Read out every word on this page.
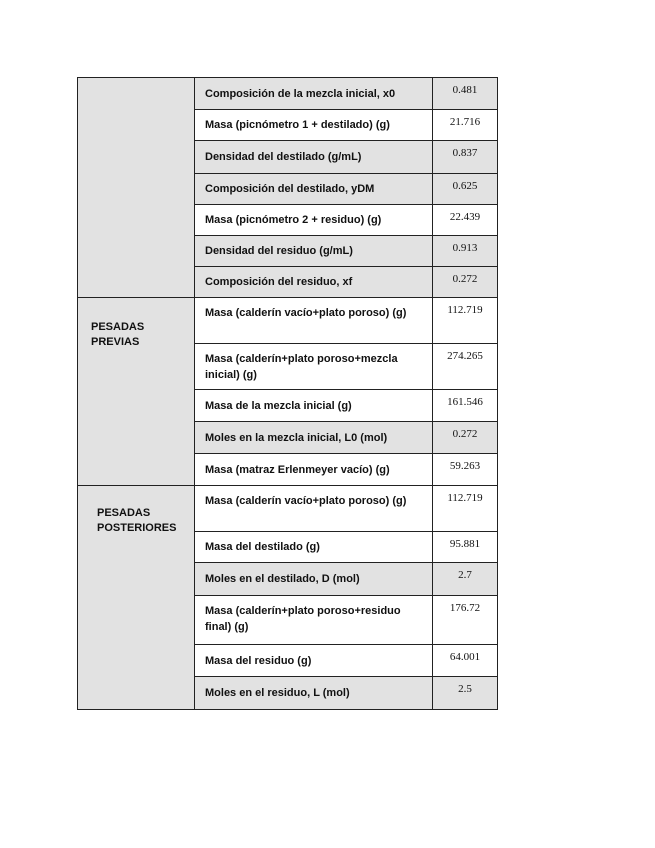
	Composición de la mezcla inicial, x0	0.481
	Masa (picnómetro 1 + destilado) (g)	21.716
	Densidad del destilado (g/mL)	0.837
	Composición del destilado, yDM	0.625
	Masa (picnómetro 2 + residuo) (g)	22.439
	Densidad del residuo (g/mL)	0.913
	Composición del residuo, xf	0.272

PESADAS
PREVIAS	Masa (calderín vacío+plato poroso) (g)	112.719
	Masa (calderín+plato poroso+mezcla inicial) (g)	274.265
	Masa de la mezcla inicial (g)	161.546
	Moles en la mezcla inicial, L0 (mol)	0.272
	Masa (matraz Erlenmeyer vacío) (g)	59.263

PESADAS
POSTERIORES	Masa (calderín vacío+plato poroso) (g)	112.719
	Masa del destilado (g)	95.881
	Moles en el destilado, D (mol)	2.7
	Masa (calderín+plato poroso+residuo final) (g)	176.72
	Masa del residuo (g)	64.001
	Moles en el residuo, L (mol)	2.5
